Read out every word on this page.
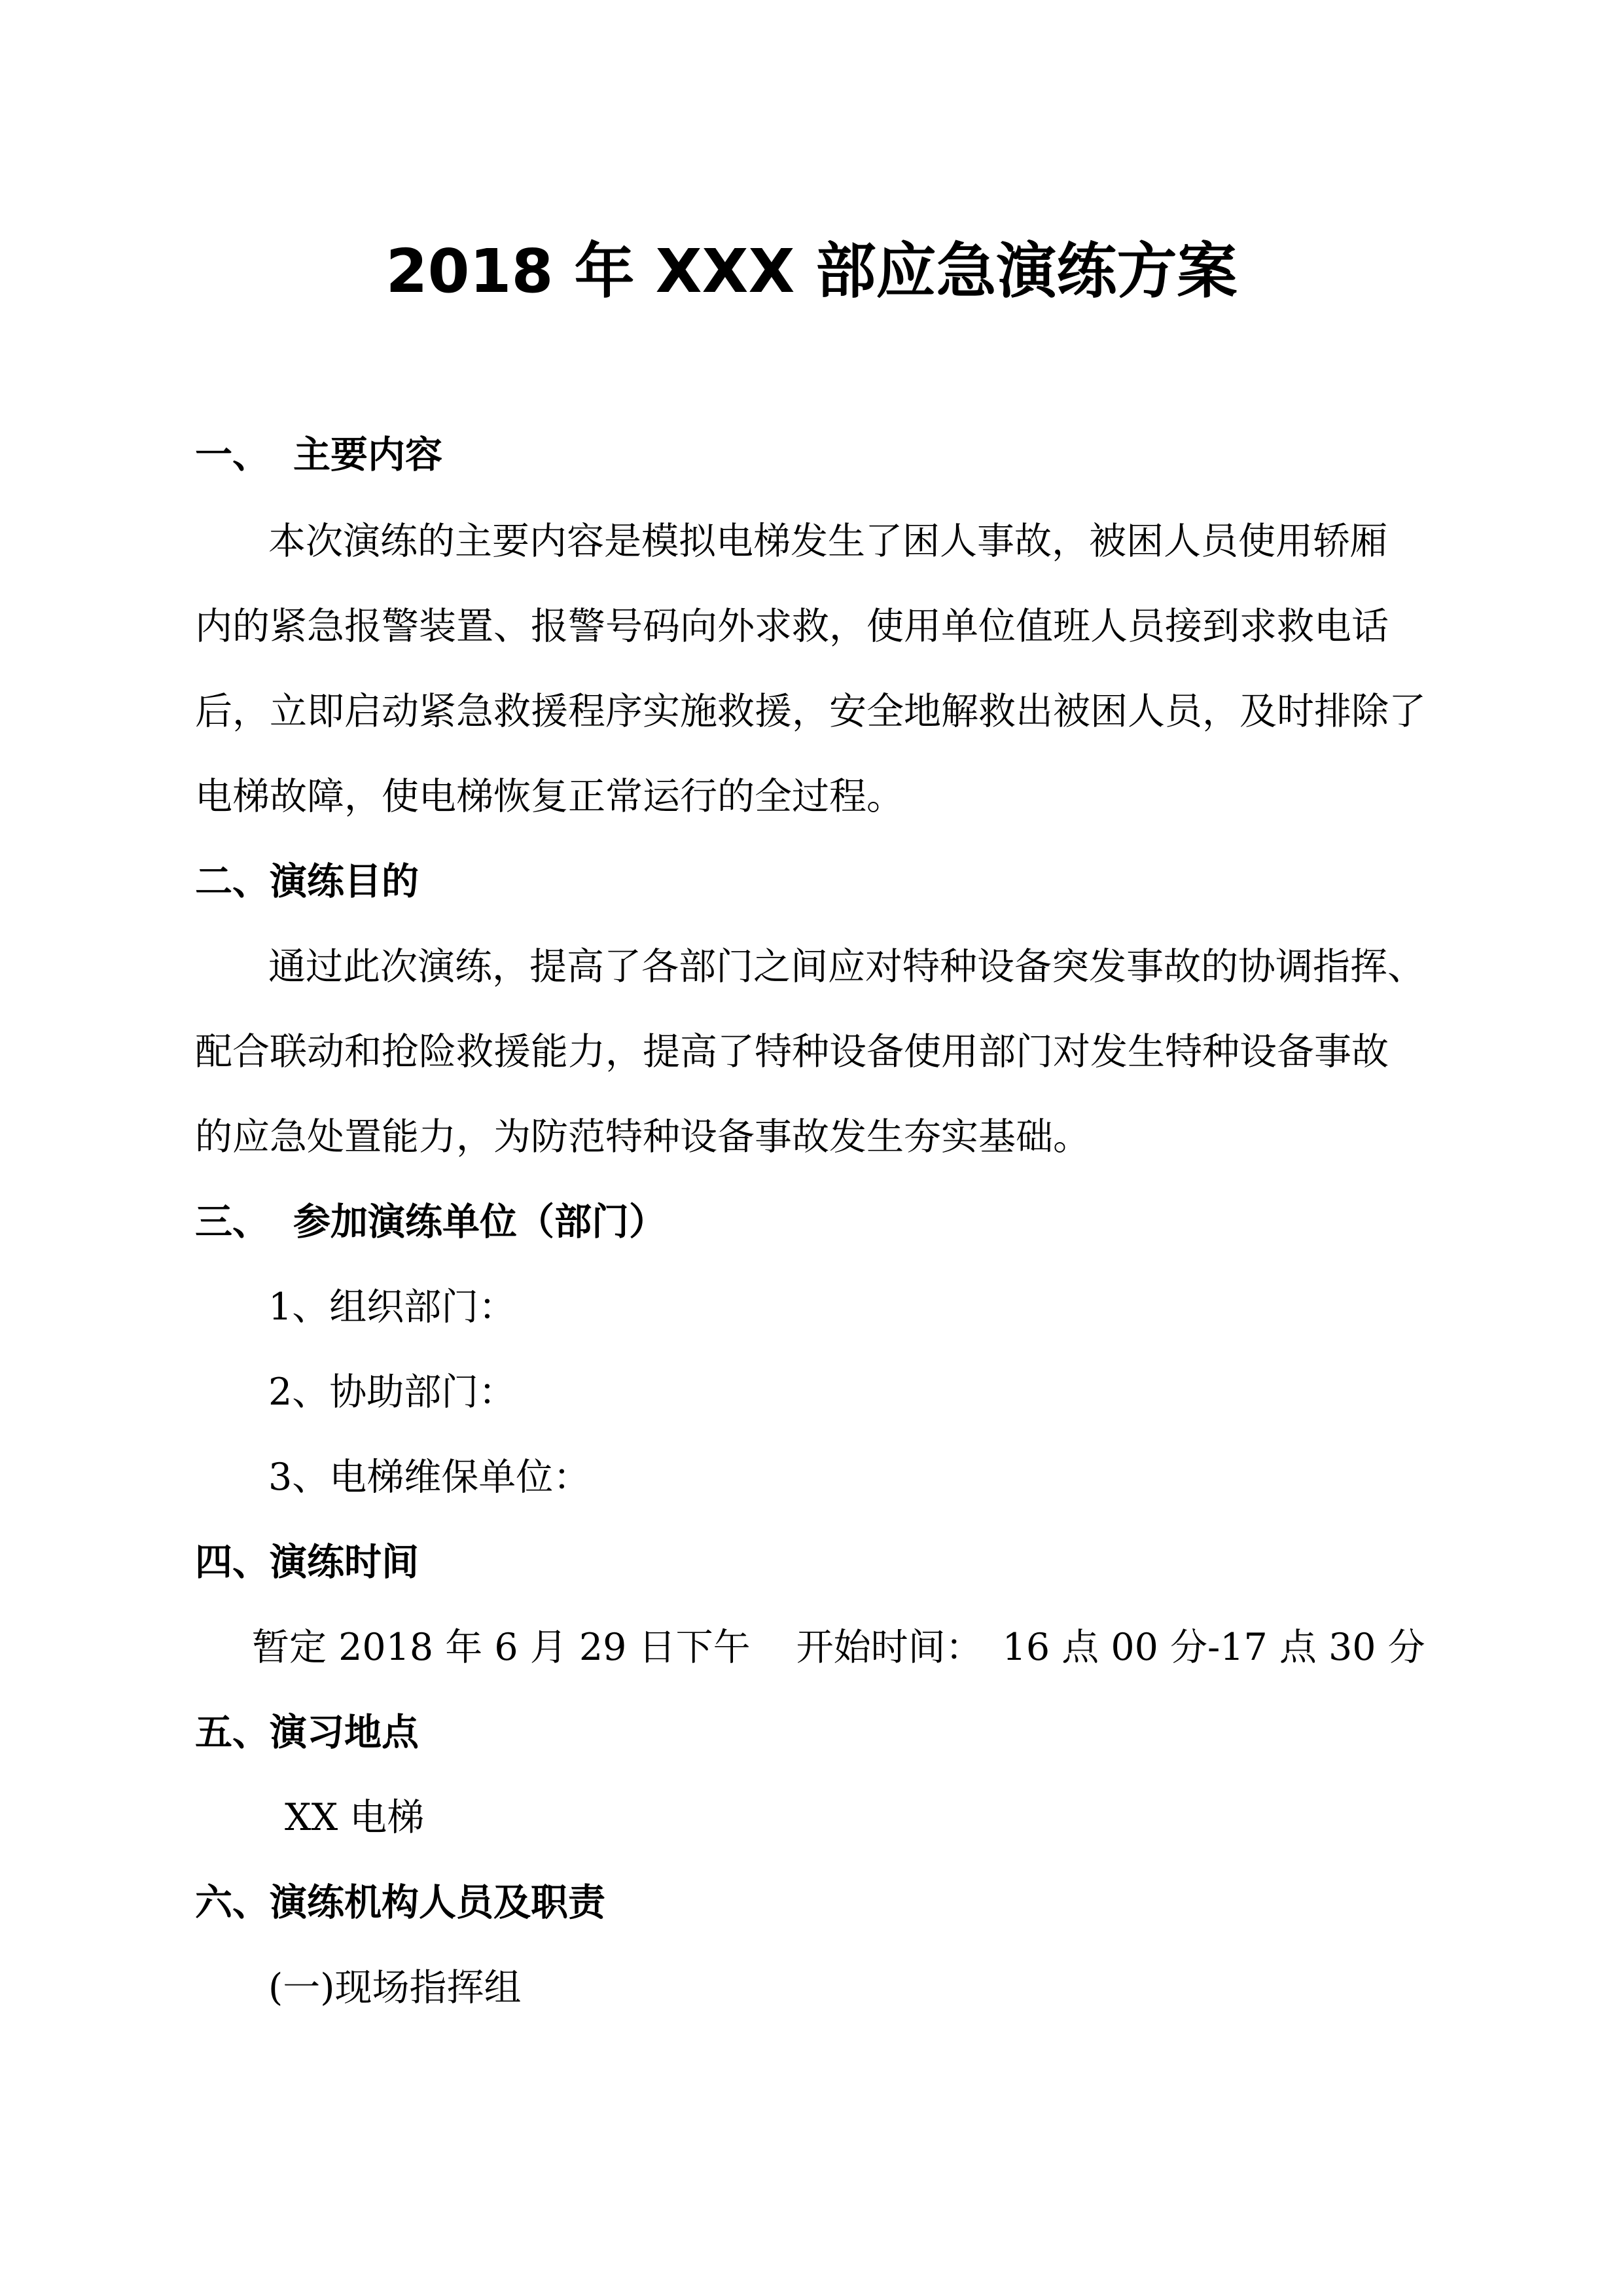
2018 年 XXX 部应急演练方案
一、 主要内容

本次演练的主要内容是模拟电梯发生了困人事故，被困人员使用轿厢

内的紧急报警装置、报警号码向外求救，使用单位值班人员接到求救电话

后，立即启动紧急救援程序实施救援，安全地解救出被困人员，及时排除了

电梯故障，使电梯恢复正常运行的全过程。

二、演练目的

通过此次演练，提高了各部门之间应对特种设备突发事故的协调指挥、

配合联动和抢险救援能力，提高了特种设备使用部门对发生特种设备事故

的应急处置能力，为防范特种设备事故发生夯实基础。

三、 参加演练单位（部门）

1、组织部门：

2、协助部门：

3、电梯维保单位：

四、演练时间

暂定 2018 年 6 月 29 日下午 开始时间： 16 点 00 分-17 点 30 分

五、演习地点

XX 电梯

六、演练机构人员及职责

(一)现场指挥组
